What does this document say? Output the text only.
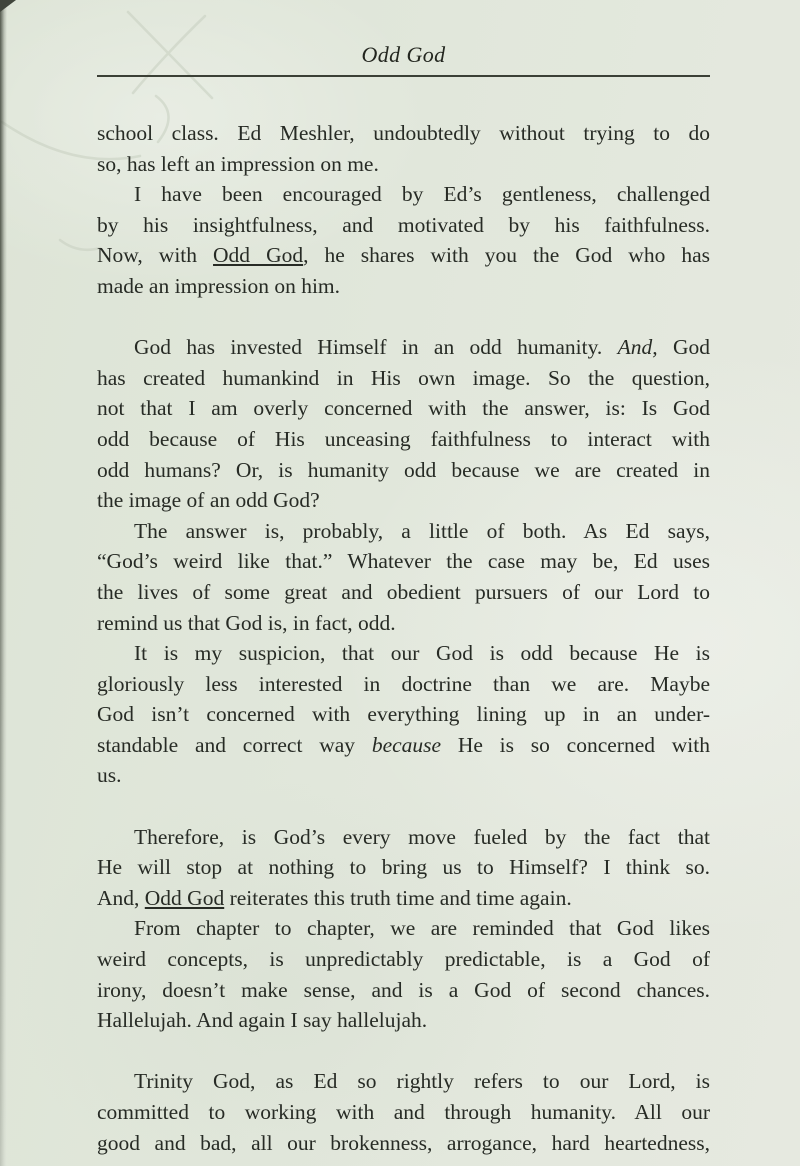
Odd God
school class. Ed Meshler, undoubtedly without trying to do
so, has left an impression on me.
I have been encouraged by Ed’s gentleness, challenged
by his insightfulness, and motivated by his faithfulness.
Now, with Odd God, he shares with you the God who has
made an impression on him.
God has invested Himself in an odd humanity. And, God
has created humankind in His own image. So the question,
not that I am overly concerned with the answer, is: Is God
odd because of His unceasing faithfulness to interact with
odd humans? Or, is humanity odd because we are created in
the image of an odd God?
The answer is, probably, a little of both. As Ed says,
“God’s weird like that.” Whatever the case may be, Ed uses
the lives of some great and obedient pursuers of our Lord to
remind us that God is, in fact, odd.
It is my suspicion, that our God is odd because He is
gloriously less interested in doctrine than we are. Maybe
God isn’t concerned with everything lining up in an under-
standable and correct way because He is so concerned with
us.
Therefore, is God’s every move fueled by the fact that
He will stop at nothing to bring us to Himself? I think so.
And, Odd God reiterates this truth time and time again.
From chapter to chapter, we are reminded that God likes
weird concepts, is unpredictably predictable, is a God of
irony, doesn’t make sense, and is a God of second chances.
Hallelujah. And again I say hallelujah.
Trinity God, as Ed so rightly refers to our Lord, is
committed to working with and through humanity. All our
good and bad, all our brokenness, arrogance, hard heartedness,
